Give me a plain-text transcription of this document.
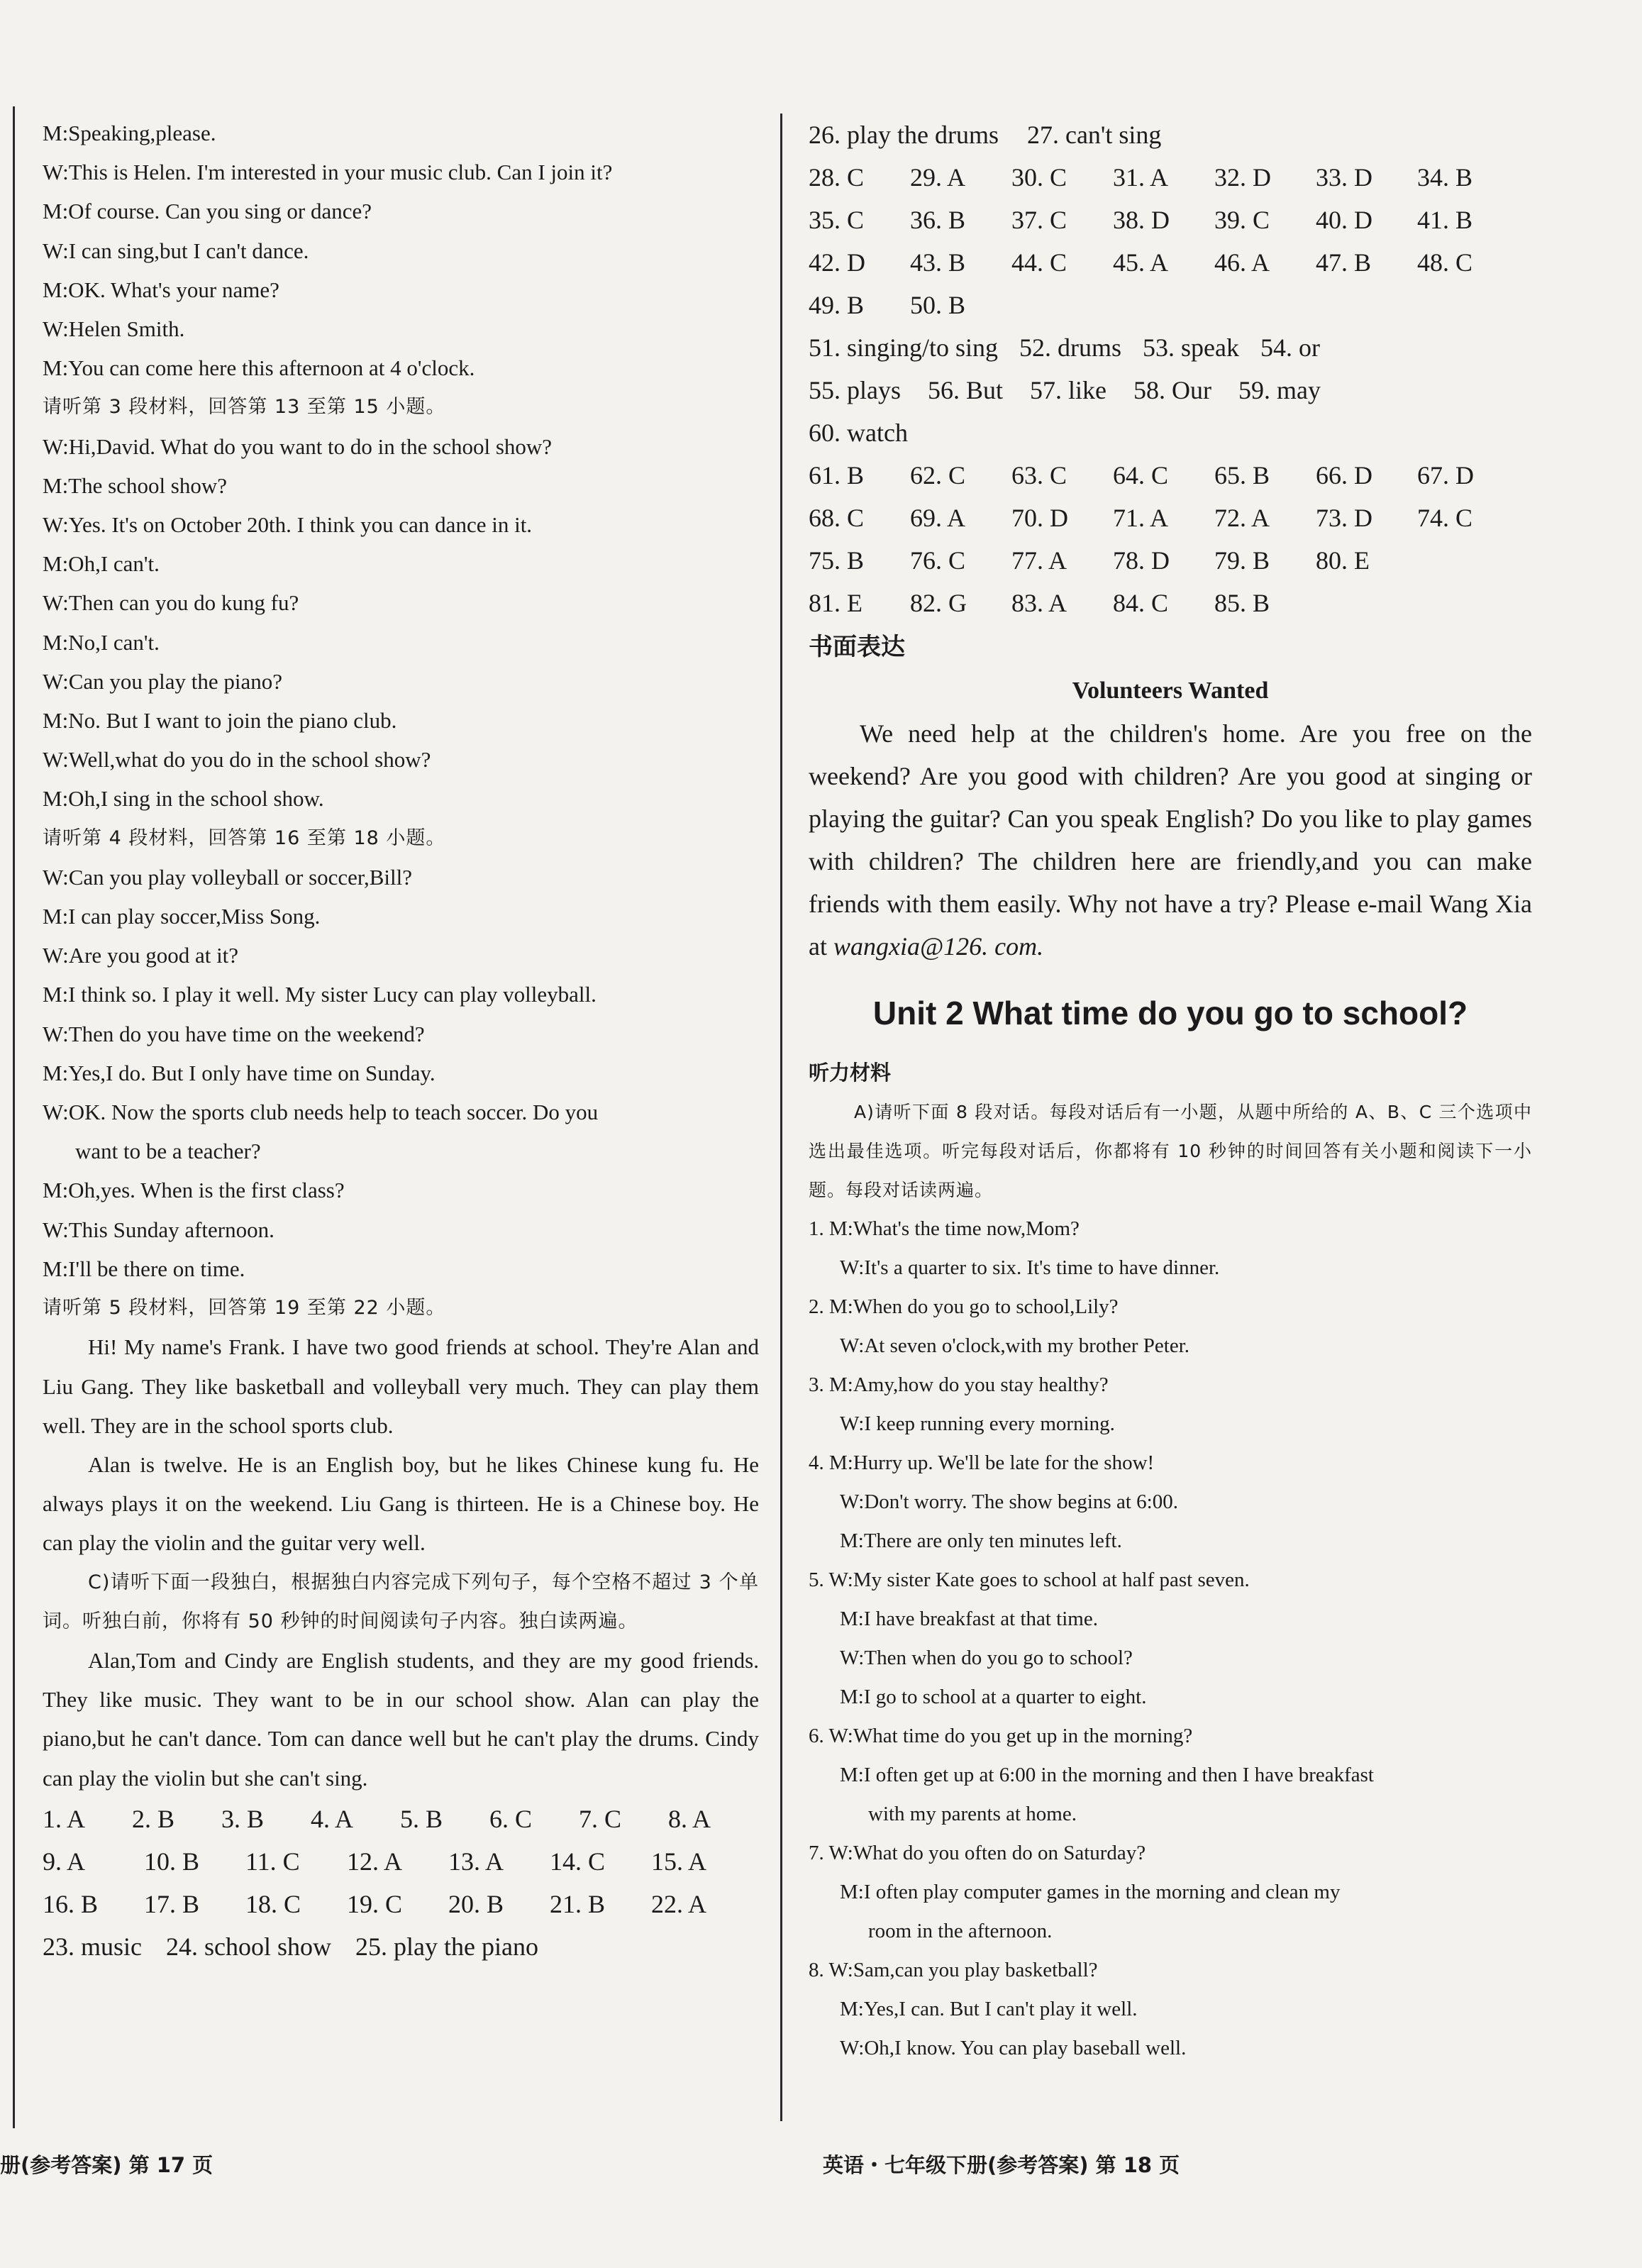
M:Speaking,please.
W:This is Helen. I'm interested in your music club. Can I join it?
M:Of course. Can you sing or dance?
W:I can sing,but I can't dance.
M:OK. What's your name?
W:Helen Smith.
M:You can come here this afternoon at 4 o'clock.
请听第 3 段材料，回答第 13 至第 15 小题。
W:Hi,David. What do you want to do in the school show?
M:The school show?
W:Yes. It's on October 20th. I think you can dance in it.
M:Oh,I can't.
W:Then can you do kung fu?
M:No,I can't.
W:Can you play the piano?
M:No. But I want to join the piano club.
W:Well,what do you do in the school show?
M:Oh,I sing in the school show.
请听第 4 段材料，回答第 16 至第 18 小题。
W:Can you play volleyball or soccer,Bill?
M:I can play soccer,Miss Song.
W:Are you good at it?
M:I think so. I play it well. My sister Lucy can play volleyball.
W:Then do you have time on the weekend?
M:Yes,I do. But I only have time on Sunday.
W:OK. Now the sports club needs help to teach soccer. Do you
want to be a teacher?
M:Oh,yes. When is the first class?
W:This Sunday afternoon.
M:I'll be there on time.
请听第 5 段材料，回答第 19 至第 22 小题。
Hi! My name's Frank. I have two good friends at school. They're Alan and Liu Gang. They like basketball and volleyball very much. They can play them well. They are in the school sports club.
Alan is twelve. He is an English boy, but he likes Chinese kung fu. He always plays it on the weekend. Liu Gang is thirteen. He is a Chinese boy. He can play the violin and the guitar very well.
C)请听下面一段独白，根据独白内容完成下列句子，每个空格不超过 3 个单词。听独白前，你将有 50 秒钟的时间阅读句子内容。独白读两遍。
Alan,Tom and Cindy are English students, and they are my good friends. They like music. They want to be in our school show. Alan can play the piano,but he can't dance. Tom can dance well but he can't play the drums. Cindy can play the violin but she can't sing.
1. A	2. B	3. B	4. A	5. B	6. C	7. C	8. A
9. A	10. B	11. C	12. A	13. A	14. C	15. A
16. B	17. B	18. C	19. C	20. B	21. B	22. A
23. music 24. school show 25. play the piano
26. play the drums 27. can't sing
28. C	29. A	30. C	31. A	32. D	33. D	34. B
35. C	36. B	37. C	38. D	39. C	40. D	41. B
42. D	43. B	44. C	45. A	46. A	47. B	48. C
49. B	50. B
51. singing/to sing 52. drums 53. speak 54. or
55. plays 56. But 57. like 58. Our 59. may
60. watch
61. B	62. C	63. C	64. C	65. B	66. D	67. D
68. C	69. A	70. D	71. A	72. A	73. D	74. C
75. B	76. C	77. A	78. D	79. B	80. E
81. E	82. G	83. A	84. C	85. B
书面表达
Volunteers Wanted
We need help at the children's home. Are you free on the weekend? Are you good with children? Are you good at singing or playing the guitar? Can you speak English? Do you like to play games with children? The children here are friendly,and you can make friends with them easily. Why not have a try? Please e-mail Wang Xia at wangxia@126. com.
Unit 2 What time do you go to school?
听力材料
A)请听下面 8 段对话。每段对话后有一小题，从题中所给的 A、B、C 三个选项中选出最佳选项。听完每段对话后，你都将有 10 秒钟的时间回答有关小题和阅读下一小题。每段对话读两遍。
1. M:What's the time now,Mom?
W:It's a quarter to six. It's time to have dinner.
2. M:When do you go to school,Lily?
W:At seven o'clock,with my brother Peter.
3. M:Amy,how do you stay healthy?
W:I keep running every morning.
4. M:Hurry up. We'll be late for the show!
W:Don't worry. The show begins at 6:00.
M:There are only ten minutes left.
5. W:My sister Kate goes to school at half past seven.
M:I have breakfast at that time.
W:Then when do you go to school?
M:I go to school at a quarter to eight.
6. W:What time do you get up in the morning?
M:I often get up at 6:00 in the morning and then I have breakfast
with my parents at home.
7. W:What do you often do on Saturday?
M:I often play computer games in the morning and clean my
room in the afternoon.
8. W:Sam,can you play basketball?
M:Yes,I can. But I can't play it well.
W:Oh,I know. You can play baseball well.
册(参考答案) 第 17 页	英语・七年级下册(参考答案) 第 18 页
